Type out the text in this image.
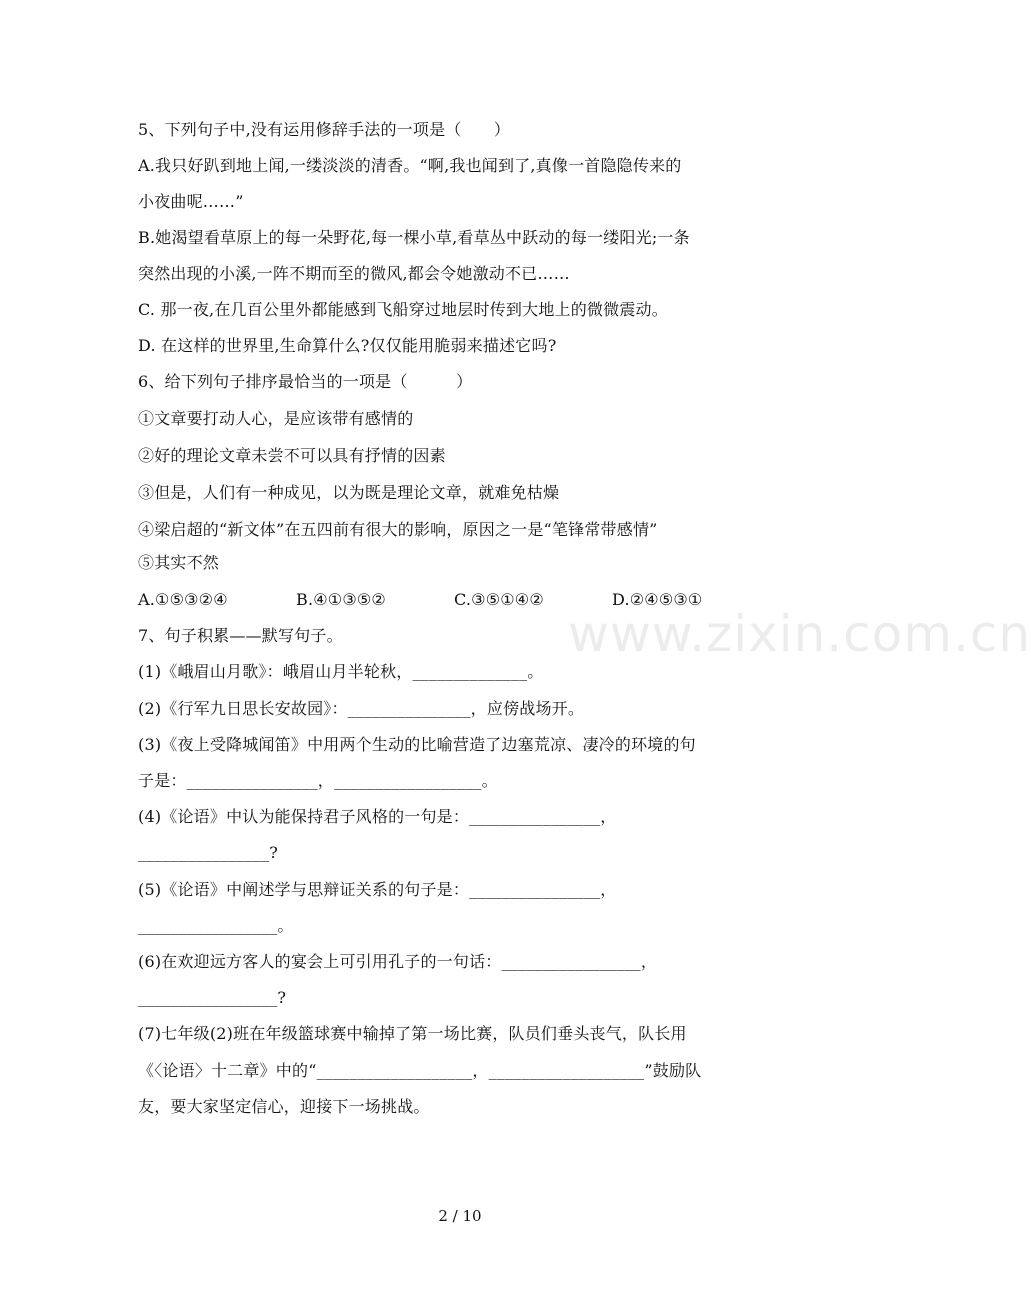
www.zixin.com.cn
5、下列句子中,没有运用修辞手法的一项是（　　）
A.我只好趴到地上闻,一缕淡淡的清香。“啊,我也闻到了,真像一首隐隐传来的
小夜曲呢……”
B.她渴望看草原上的每一朵野花,每一棵小草,看草丛中跃动的每一缕阳光;一条
突然出现的小溪,一阵不期而至的微风,都会令她激动不已……
C. 那一夜,在几百公里外都能感到飞船穿过地层时传到大地上的微微震动。
D. 在这样的世界里,生命算什么?仅仅能用脆弱来描述它吗?
6、给下列句子排序最恰当的一项是（　　　）
①文章要打动人心，是应该带有感情的
②好的理论文章未尝不可以具有抒情的因素
③但是，人们有一种成见，以为既是理论文章，就难免枯燥
④梁启超的“新文体”在五四前有很大的影响，原因之一是“笔锋常带感情”
⑤其实不然
A.①⑤③②④	B.④①③⑤②	C.③⑤①④②	D.②④⑤③①
7、句子积累——默写句子。
(1)《峨眉山月歌》：峨眉山月半轮秋，______________。
(2)《行军九日思长安故园》：_______________，应傍战场开。
(3)《夜上受降城闻笛》中用两个生动的比喻营造了边塞荒凉、凄冷的环境的句
子是：________________，__________________。
(4)《论语》中认为能保持君子风格的一句是：________________，
________________?
(5)《论语》中阐述学与思辩证关系的句子是：________________，
_________________。
(6)在欢迎远方客人的宴会上可引用孔子的一句话：_________________，
_________________?
(7)七年级(2)班在年级篮球赛中输掉了第一场比赛，队员们垂头丧气，队长用
《〈论语〉十二章》中的“___________________，___________________”鼓励队
友，要大家坚定信心，迎接下一场挑战。
2 / 10
